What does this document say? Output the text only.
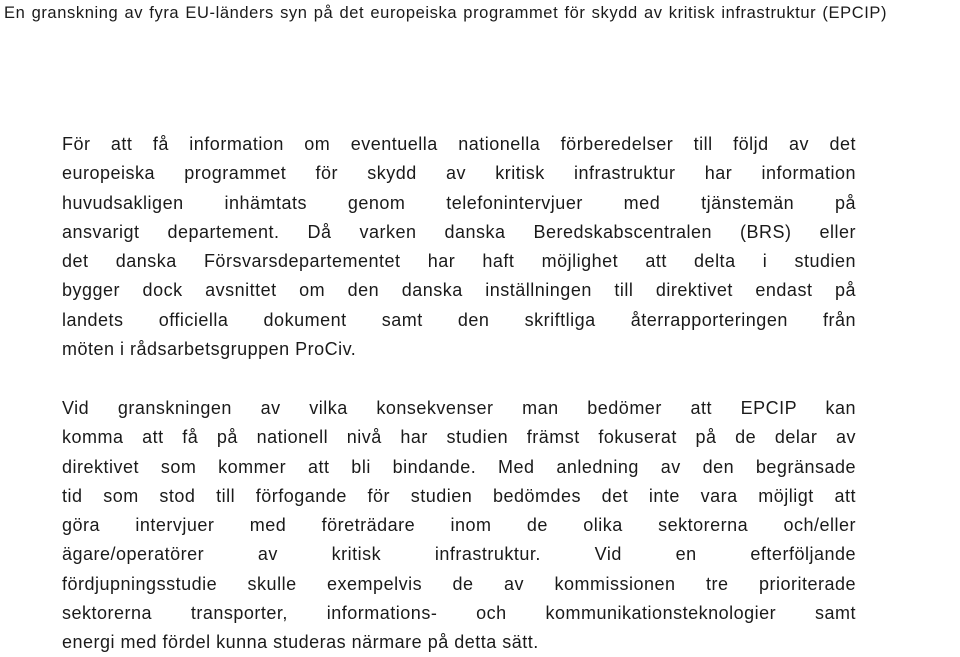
En granskning av fyra EU-länders syn på det europeiska programmet för skydd av kritisk infrastruktur (EPCIP)

För att få information om eventuella nationella förberedelser till följd av det
europeiska programmet för skydd av kritisk infrastruktur har information
huvudsakligen inhämtats genom telefonintervjuer med tjänstemän på
ansvarigt departement. Då varken danska Beredskabscentralen (BRS) eller
det danska Försvarsdepartementet har haft möjlighet att delta i studien
bygger dock avsnittet om den danska inställningen till direktivet endast på
landets officiella dokument samt den skriftliga återrapporteringen från
möten i rådsarbetsgruppen ProCiv.

Vid granskningen av vilka konsekvenser man bedömer att EPCIP kan
komma att få på nationell nivå har studien främst fokuserat på de delar av
direktivet som kommer att bli bindande. Med anledning av den begränsade
tid som stod till förfogande för studien bedömdes det inte vara möjligt att
göra intervjuer med företrädare inom de olika sektorerna och/eller
ägare/operatörer av kritisk infrastruktur. Vid en efterföljande
fördjupningsstudie skulle exempelvis de av kommissionen tre prioriterade
sektorerna transporter, informations- och kommunikationsteknologier samt
energi med fördel kunna studeras närmare på detta sätt.
